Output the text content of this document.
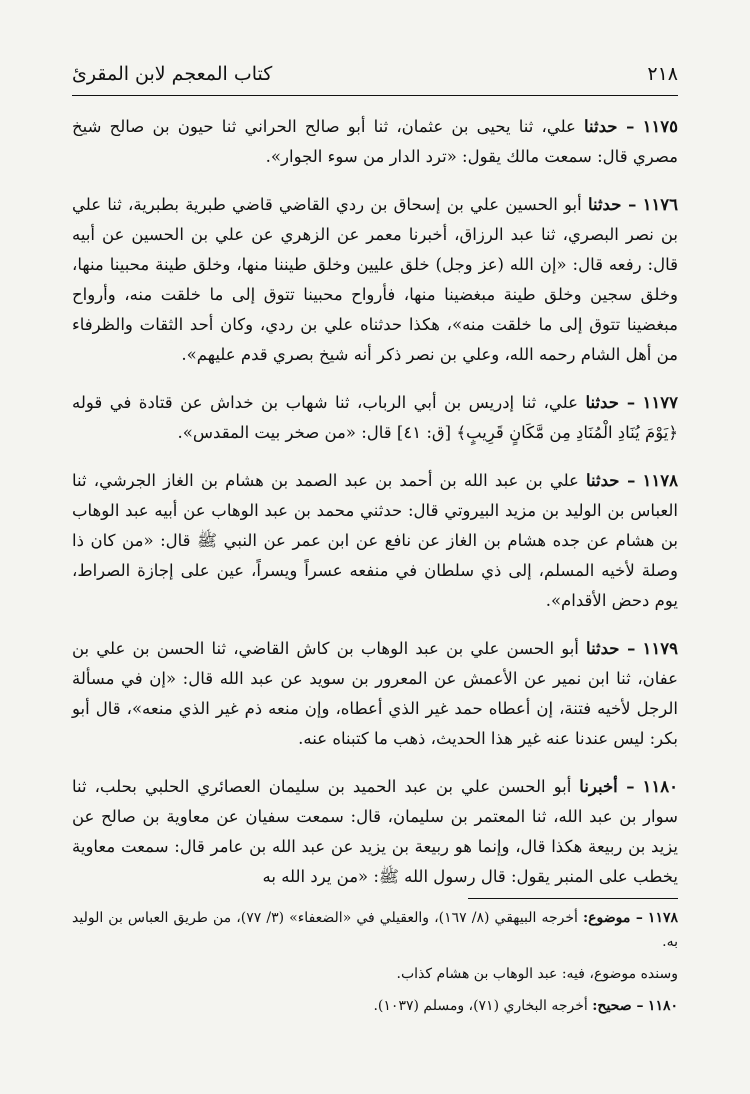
٢١٨
كتاب المعجم لابن المقرئ

١١٧٥ – حدثنا علي، ثنا يحيى بن عثمان، ثنا أبو صالح الحراني ثنا حيون بن صالح شيخ مصري قال: سمعت مالك يقول: «ترد الدار من سوء الجوار».

١١٧٦ – حدثنا أبو الحسين علي بن إسحاق بن ردي القاضي قاضي طبرية بطبرية، ثنا علي بن نصر البصري، ثنا عبد الرزاق، أخبرنا معمر عن الزهري عن علي بن الحسين عن أبيه قال: رفعه قال: «إن الله (عز وجل) خلق عليين وخلق طيننا منها، وخلق طينة محبينا منها، وخلق سجين وخلق طينة مبغضينا منها، فأرواح محبينا تتوق إلى ما خلقت منه، وأرواح مبغضينا تتوق إلى ما خلقت منه»، هكذا حدثناه علي بن ردي، وكان أحد الثقات والظرفاء من أهل الشام رحمه الله، وعلي بن نصر ذكر أنه شيخ بصري قدم عليهم».

١١٧٧ – حدثنا علي، ثنا إدريس بن أبي الرباب، ثنا شهاب بن خداش عن قتادة في قوله ﴿يَوْمَ يُنَادِ الْمُنَادِ مِن مَّكَانٍ قَرِيبٍ﴾ [ق: ٤١] قال: «من صخر بيت المقدس».

١١٧٨ – حدثنا علي بن عبد الله بن أحمد بن عبد الصمد بن هشام بن الغاز الجرشي، ثنا العباس بن الوليد بن مزيد البيروتي قال: حدثني محمد بن عبد الوهاب عن أبيه عبد الوهاب بن هشام عن جده هشام بن الغاز عن نافع عن ابن عمر عن النبي ﷺ قال: «من كان ذا وصلة لأخيه المسلم، إلى ذي سلطان في منفعه عسراً ويسراً، عين على إجازة الصراط، يوم دحض الأقدام».

١١٧٩ – حدثنا أبو الحسن علي بن عبد الوهاب بن كاش القاضي، ثنا الحسن بن علي بن عفان، ثنا ابن نمير عن الأعمش عن المعرور بن سويد عن عبد الله قال: «إن في مسألة الرجل لأخيه فتنة، إن أعطاه حمد غير الذي أعطاه، وإن منعه ذم غير الذي منعه»، قال أبو بكر: ليس عندنا عنه غير هذا الحديث، ذهب ما كتبناه عنه.

١١٨٠ – أخبرنا أبو الحسن علي بن عبد الحميد بن سليمان العصائري الحلبي بحلب، ثنا سوار بن عبد الله، ثنا المعتمر بن سليمان، قال: سمعت سفيان عن معاوية بن صالح عن يزيد بن ربيعة هكذا قال، وإنما هو ربيعة بن يزيد عن عبد الله بن عامر قال: سمعت معاوية يخطب على المنبر يقول: قال رسول الله ﷺ: «من يرد الله به

١١٧٨ – موضوع: أخرجه البيهقي (٨/ ١٦٧)، والعقيلي في «الضعفاء» (٣/ ٧٧)، من طريق العباس بن الوليد به.

وسنده موضوع، فيه: عبد الوهاب بن هشام كذاب.

١١٨٠ – صحيح: أخرجه البخاري (٧١)، ومسلم (١٠٣٧).
